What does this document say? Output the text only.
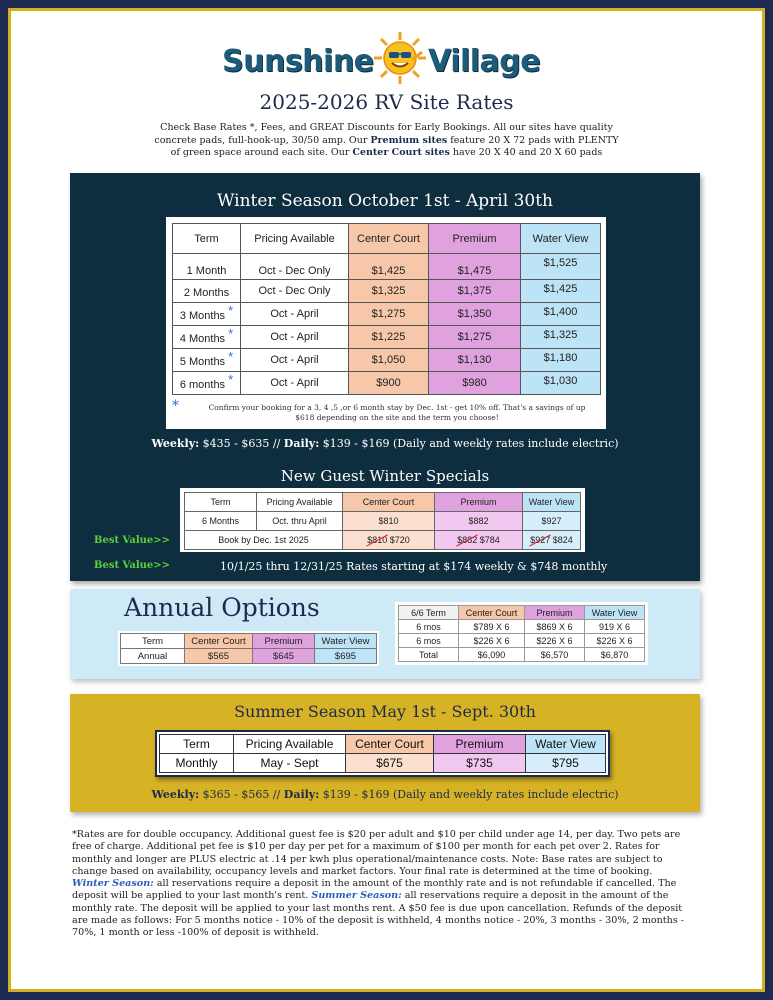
Sunshine Village
2025-2026 RV Site Rates
Check Base Rates *, Fees, and GREAT Discounts for Early Bookings. All our sites have quality concrete pads, full-hook-up, 30/50 amp. Our Premium sites feature 20 X 72 pads with PLENTY of green space around each site. Our Center Court sites have 20 X 40 and 20 X 60 pads
Winter Season October 1st - April 30th
Term	Pricing Available	Center Court	Premium	Water View
1 Month	Oct - Dec Only	$1,425	$1,475	$1,525
2 Months	Oct - Dec Only	$1,325	$1,375	$1,425
3 Months *	Oct - April	$1,275	$1,350	$1,400
4 Months *	Oct - April	$1,225	$1,275	$1,325
5 Months *	Oct - April	$1,050	$1,130	$1,180
6 months *	Oct - April	$900	$980	$1,030
*	Confirm your booking for a 3, 4 ,5 ,or 6 month stay by Dec. 1st - get 10% off. That's a savings of up $618 depending on the site and the term you choose!
Weekly: $435 - $635 // Daily: $139 - $169 (Daily and weekly rates include electric)
New Guest Winter Specials
Term	Pricing Available	Center Court	Premium	Water View
6 Months	Oct. thru April	$810	$882	$927
Book by Dec. 1st 2025		$810 $720	$882 $784	$927 $824
Best Value>>
Best Value>>	10/1/25 thru 12/31/25 Rates starting at $174 weekly & $748 monthly
Annual Options
Term	Center Court	Premium	Water View
Annual	$565	$645	$695
6/6 Term	Center Court	Premium	Water View
6 mos	$789 X 6	$869 X 6	919 X 6
6 mos	$226 X 6	$226 X 6	$226 X 6
Total	$6,090	$6,570	$6,870
Summer Season May 1st - Sept. 30th
Term	Pricing Available	Center Court	Premium	Water View
Monthly	May - Sept	$675	$735	$795
Weekly: $365 - $565 // Daily: $139 - $169 (Daily and weekly rates include electric)
*Rates are for double occupancy. Additional guest fee is $20 per adult and $10 per child under age 14, per day. Two pets are free of charge. Additional pet fee is $10 per day per pet for a maximum of $100 per month for each pet over 2. Rates for monthly and longer are PLUS electric at .14 per kwh plus operational/maintenance costs. Note: Base rates are subject to change based on availability, occupancy levels and market factors. Your final rate is determined at the time of booking.
Winter Season: all reservations require a deposit in the amount of the monthly rate and is not refundable if cancelled. The deposit will be applied to your last month's rent. Summer Season: all reservations require a deposit in the amount of the monthly rate. The deposit will be applied to your last months rent. A $50 fee is due upon cancellation. Refunds of the deposit are made as follows: For 5 months notice - 10% of the deposit is withheld, 4 months notice - 20%, 3 months - 30%, 2 months - 70%, 1 month or less -100% of deposit is withheld.
